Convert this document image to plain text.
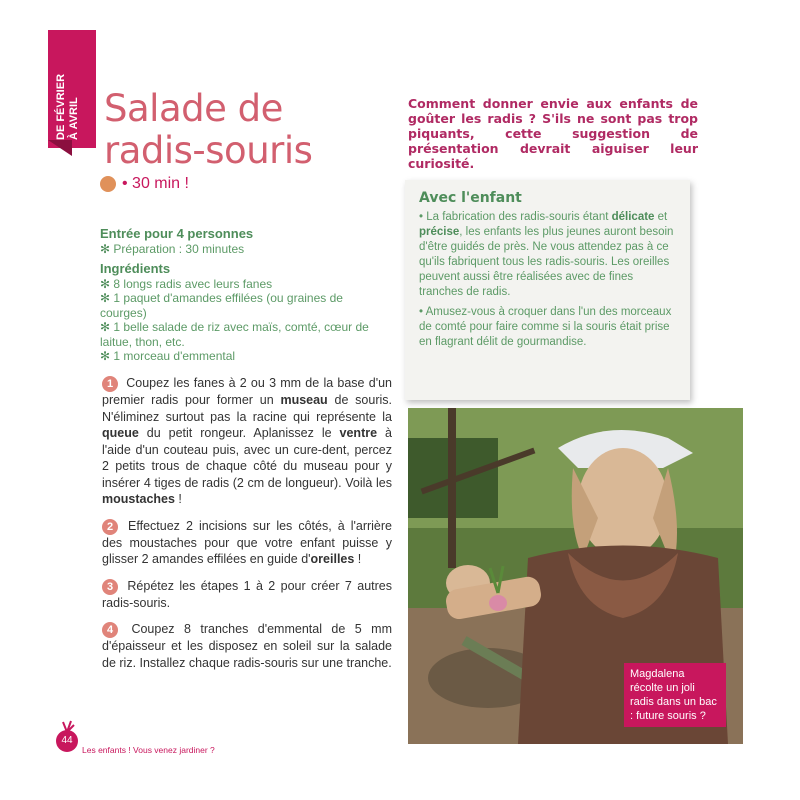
DE FÉVRIER À AVRIL Salade de
radis-souris
• 30 min !
Comment donner envie aux enfants de goûter les radis ? S'ils ne sont pas trop piquants, cette suggestion de présentation devrait aiguiser leur curiosité.
Entrée pour 4 personnes
✻ Préparation : 30 minutes
Ingrédients
✻ 8 longs radis avec leurs fanes
✻ 1 paquet d'amandes effilées (ou graines de courges)
✻ 1 belle salade de riz avec maïs, comté, cœur de laitue, thon, etc.
✻ 1 morceau d'emmental
1 Coupez les fanes à 2 ou 3 mm de la base d'un premier radis pour former un museau de souris. N'éliminez surtout pas la racine qui représente la queue du petit rongeur. Aplanissez le ventre à l'aide d'un couteau puis, avec un cure-dent, percez 2 petits trous de chaque côté du museau pour y insérer 4 tiges de radis (2 cm de longueur). Voilà les moustaches !
2 Effectuez 2 incisions sur les côtés, à l'arrière des moustaches pour que votre enfant puisse y glisser 2 amandes effilées en guide d'oreilles !
3 Répétez les étapes 1 à 2 pour créer 7 autres radis-souris.
4 Coupez 8 tranches d'emmental de 5 mm d'épaisseur et les disposez en soleil sur la salade de riz. Installez chaque radis-souris sur une tranche.
Avec l'enfant

• La fabrication des radis-souris étant délicate et précise, les enfants les plus jeunes auront besoin d'être guidés de près. Ne vous attendez pas à ce qu'ils fabriquent tous les radis-souris. Les oreilles peuvent aussi être réalisées avec de fines tranches de radis.

• Amusez-vous à croquer dans l'un des morceaux de comté pour faire comme si la souris était prise en flagrant délit de gourmandise.

Magdalena récolte un joli radis dans un bac : future souris ?
44
Les enfants ! Vous venez jardiner ?
